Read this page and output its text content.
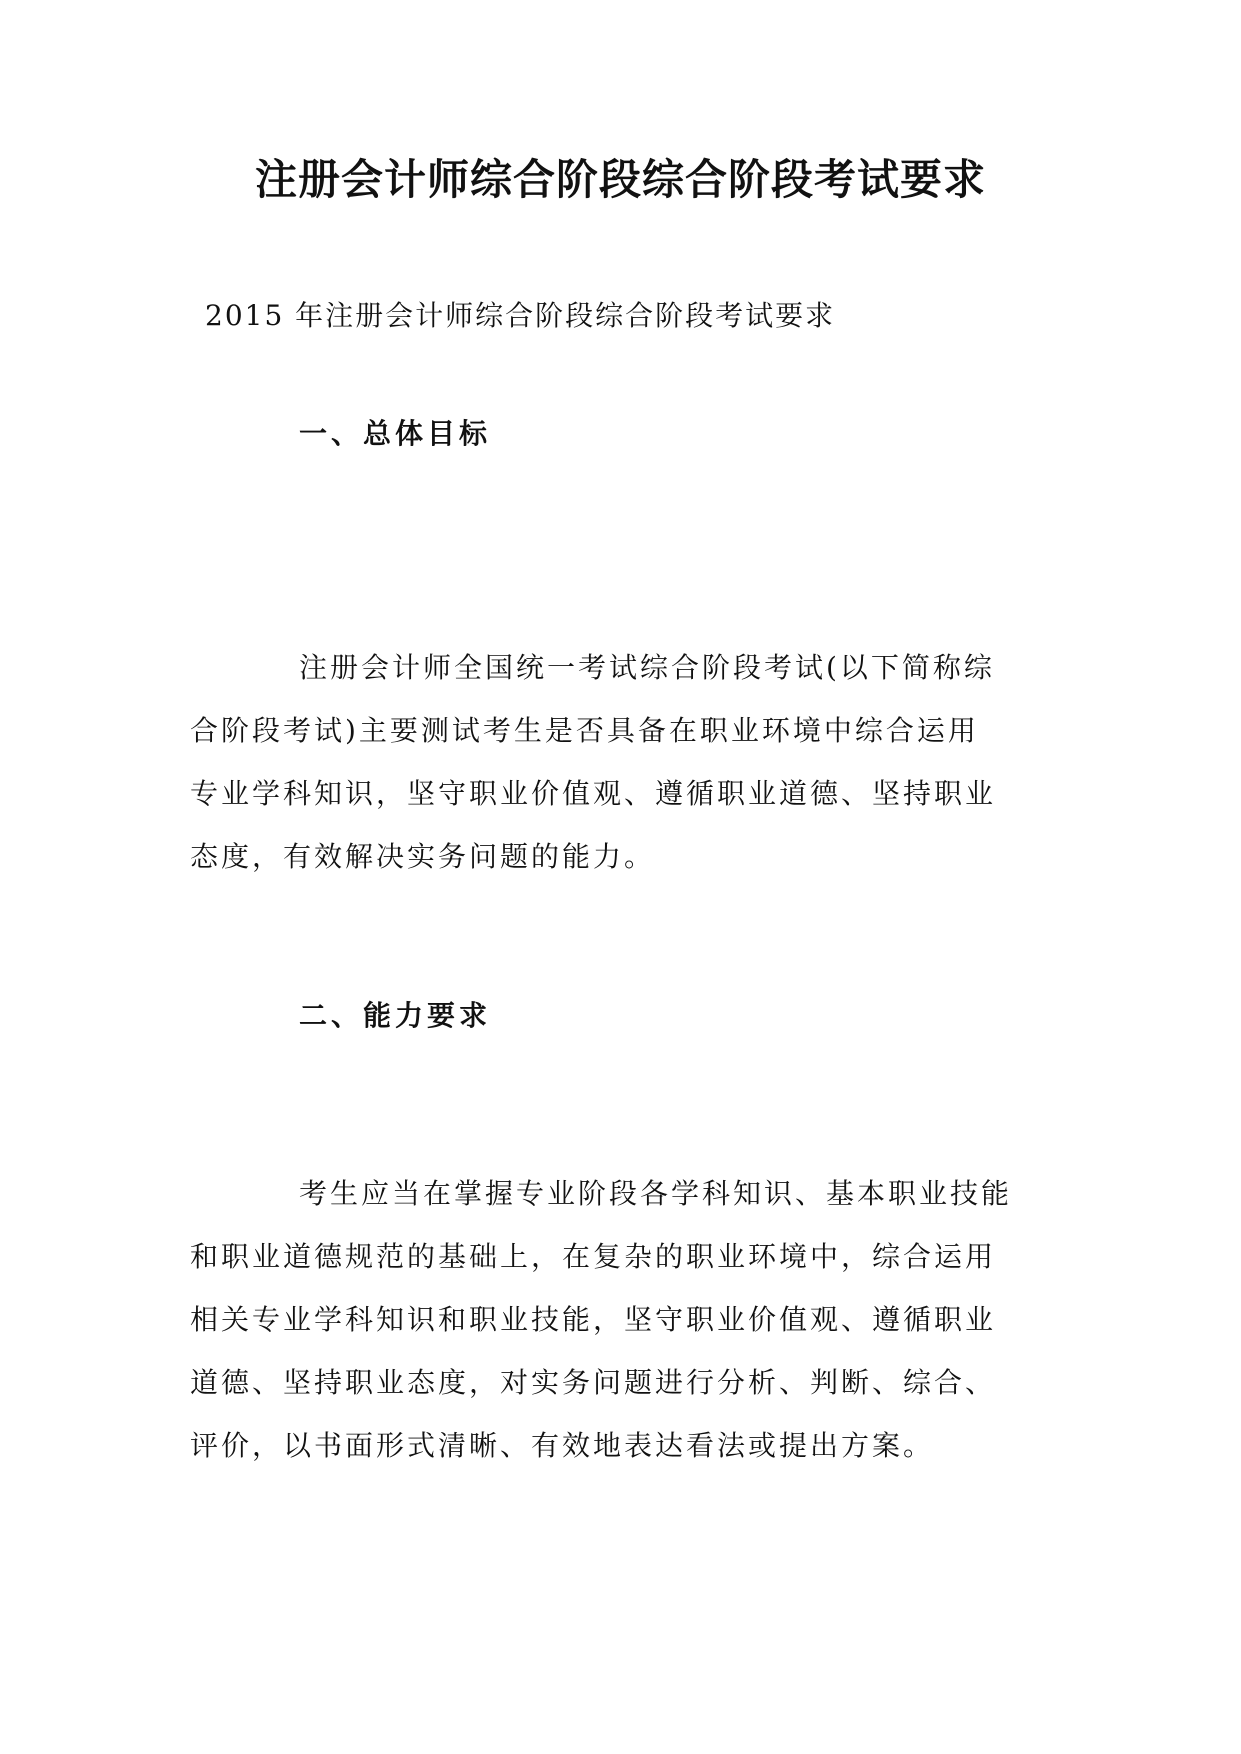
注册会计师综合阶段综合阶段考试要求

2015 年注册会计师综合阶段综合阶段考试要求

一、总体目标

注册会计师全国统一考试综合阶段考试(以下简称综
合阶段考试)主要测试考生是否具备在职业环境中综合运用
专业学科知识，坚守职业价值观、遵循职业道德、坚持职业
态度，有效解决实务问题的能力。

二、能力要求

考生应当在掌握专业阶段各学科知识、基本职业技能
和职业道德规范的基础上，在复杂的职业环境中，综合运用
相关专业学科知识和职业技能，坚守职业价值观、遵循职业
道德、坚持职业态度，对实务问题进行分析、判断、综合、
评价，以书面形式清晰、有效地表达看法或提出方案。
